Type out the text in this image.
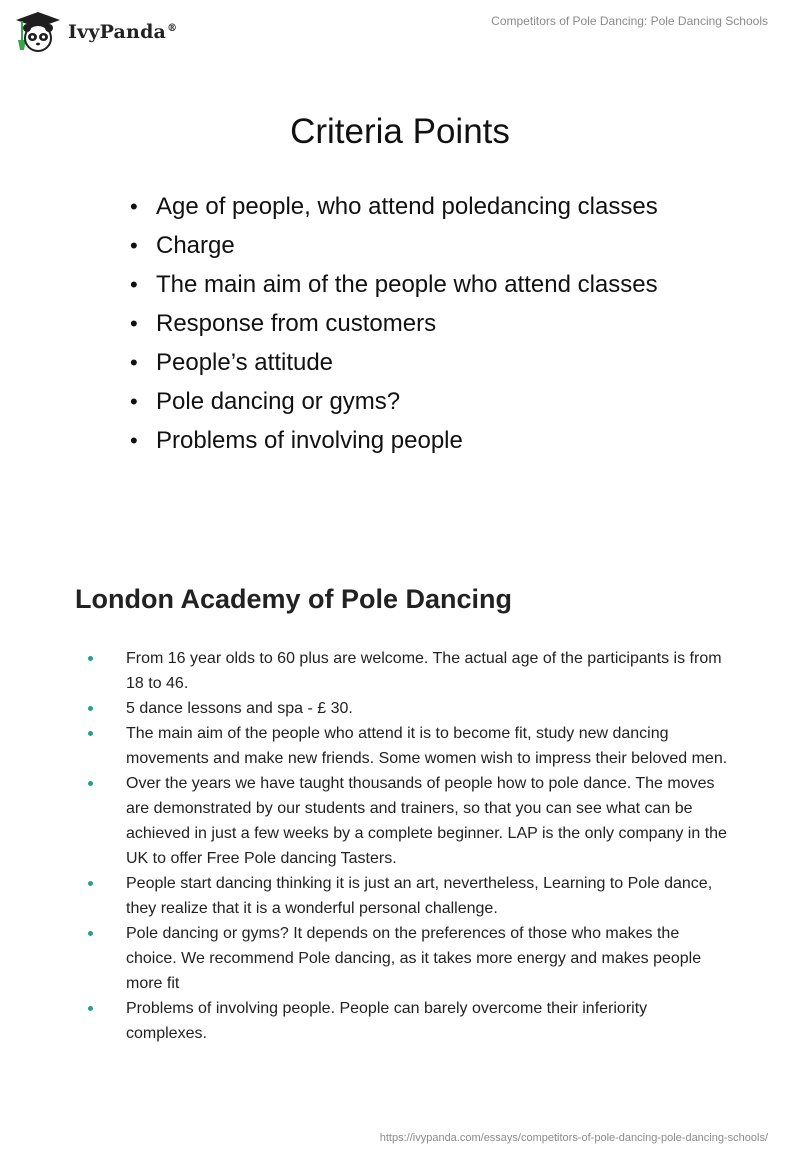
IvyPanda®
Competitors of Pole Dancing: Pole Dancing Schools
Criteria Points
• Age of people, who attend poledancing classes
• Charge
• The main aim of the people who attend classes
• Response from customers
• People’s attitude
• Pole dancing or gyms?
• Problems of involving people
London Academy of Pole Dancing
From 16 year olds to 60 plus are welcome. The actual age of the participants is from 18 to 46.
5 dance lessons and spa - £ 30.
The main aim of the people who attend it is to become fit, study new dancing movements and make new friends. Some women wish to impress their beloved men.
Over the years we have taught thousands of people how to pole dance. The moves are demonstrated by our students and trainers, so that you can see what can be achieved in just a few weeks by a complete beginner. LAP is the only company in the UK to offer Free Pole dancing Tasters.
People start dancing thinking it is just an art, nevertheless, Learning to Pole dance, they realize that it is a wonderful personal challenge.
Pole dancing or gyms? It depends on the preferences of those who makes the choice. We recommend Pole dancing, as it takes more energy and makes people more fit
Problems of involving people. People can barely overcome their inferiority complexes.
https://ivypanda.com/essays/competitors-of-pole-dancing-pole-dancing-schools/
